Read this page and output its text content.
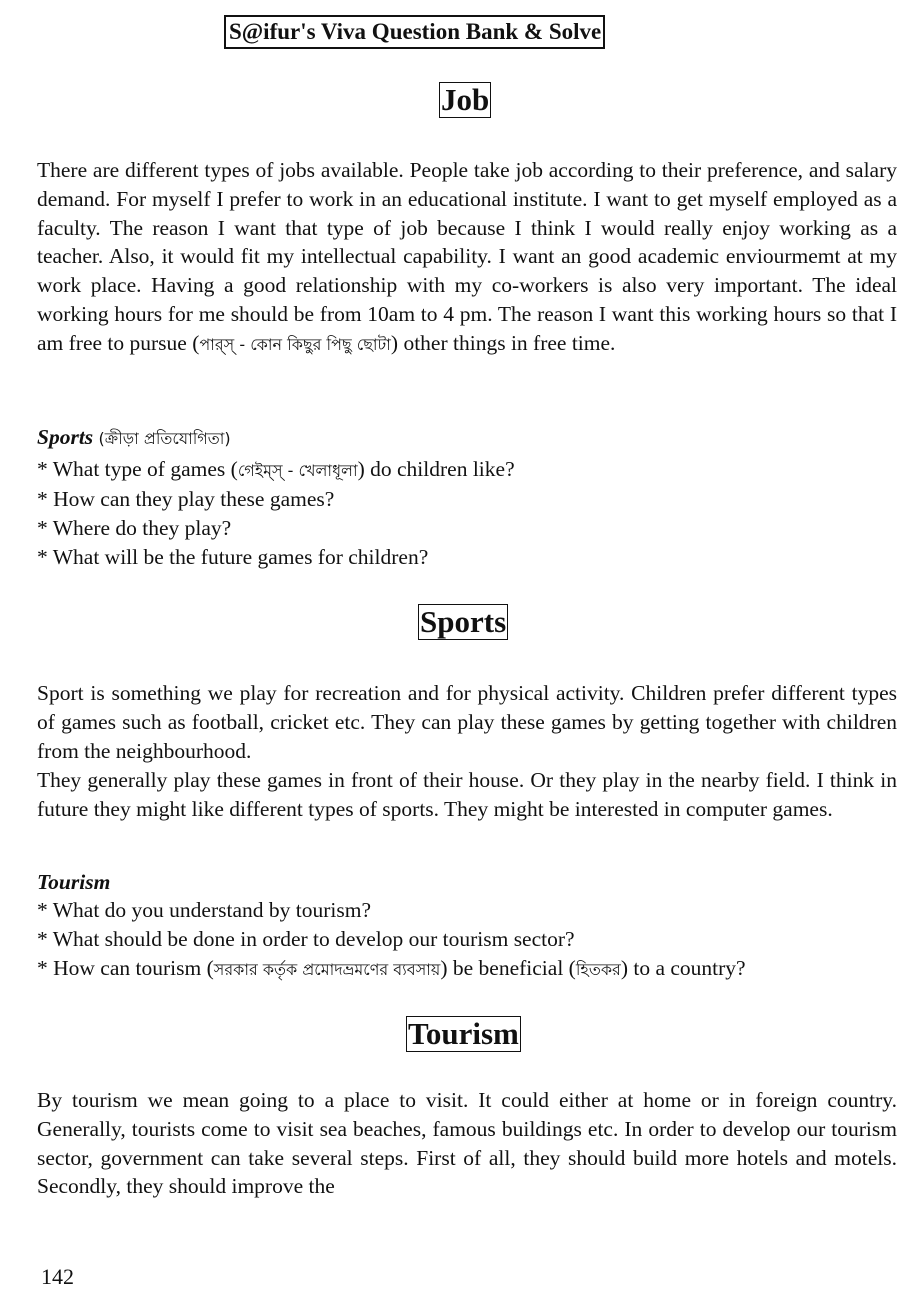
S@ifur's Viva Question Bank & Solve
Job
There are different types of jobs available. People take job according to their preference, and salary demand. For myself I prefer to work in an educational institute. I want to get myself employed as a faculty. The reason I want that type of job because I think I would really enjoy working as a teacher. Also, it would fit my intellectual capability. I want an good academic enviourmemt at my work place. Having a good relationship with my co-workers is also very important. The ideal working hours for me should be from 10am to 4 pm. The reason I want this working hours so that I am free to pursue (পার্‌স্‌ - কোন কিছুর পিছু ছোটা) other things in free time.
Sports (ক্রীড়া প্রতিযোগিতা)
* What type of games (গেইম্‌স্‌ - খেলাধূলা) do children like?
* How can they play these games?
* Where do they play?
* What will be the future games for children?
Sports
Sport is something we play for recreation and for physical activity. Children prefer different types of games such as football, cricket etc. They can play these games by getting together with children from the neighbourhood.
They generally play these games in front of their house. Or they play in the nearby field. I think in future they might like different types of sports. They might be interested in computer games.
Tourism
* What do you understand by tourism?
* What should be done in order to develop our tourism sector?
* How can tourism (সরকার কর্তৃক প্রমোদভ্রমণের ব্যবসায়) be beneficial (হিতকর) to a country?
Tourism
By tourism we mean going to a place to visit. It could either at home or in foreign country. Generally, tourists come to visit sea beaches, famous buildings etc. In order to develop our tourism sector, government can take several steps. First of all, they should build more hotels and motels. Secondly, they should improve the
142
